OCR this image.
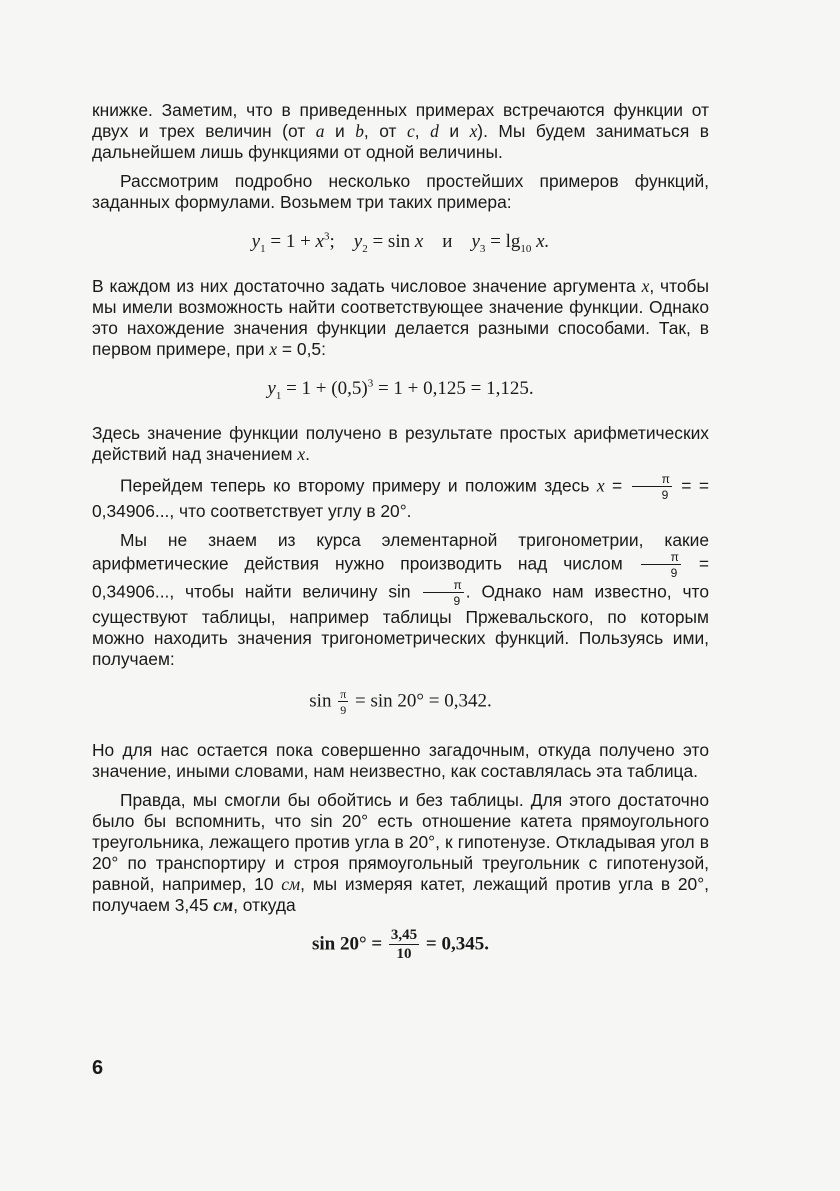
книжке. Заметим, что в приведенных примерах встречаются функции от двух и трех величин (от a и b, от c, d и x). Мы будем заниматься в дальнейшем лишь функциями от одной величины.

Рассмотрим подробно несколько простейших примеров функций, заданных формулами. Возьмем три таких примера:

$y_1 = 1 + x^3$; $y_2 = \sin x$ и $y_3 = \lg_{10} x$.

В каждом из них достаточно задать числовое значение аргумента x, чтобы мы имели возможность найти соответствующее значение функции. Однако это нахождение значения функции делается разными способами. Так, в первом примере, при x = 0,5:

$y_1 = 1 + (0,5)^3 = 1 + 0,125 = 1,125$.

Здесь значение функции получено в результате простых арифметических действий над значением x.

Перейдем теперь ко второму примеру и положим здесь $x = \frac{\pi}{9}$ = = 0,34906..., что соответствует углу в 20°.

Мы не знаем из курса элементарной тригонометрии, какие арифметические действия нужно производить над числом $\frac{\pi}{9} = 0,34906$..., чтобы найти величину $\sin \frac{\pi}{9}$ . Однако нам известно, что существуют таблицы, например таблицы Пржевальского, по которым можно находить значения тригонометрических функций. Пользуясь ими, получаем:

$\sin \frac{\pi}{9} = \sin 20^\circ = 0,342$.

Но для нас остается пока совершенно загадочным, откуда получено это значение, иными словами, нам неизвестно, как составлялась эта таблица.

Правда, мы смогли бы обойтись и без таблицы. Для этого достаточно было бы вспомнить, что sin 20° есть отношение катета прямоугольного треугольника, лежащего против угла в 20°, к гипотенузе. Откладывая угол в 20° по транспортиру и строя прямоугольный треугольник с гипотенузой, равной, например, 10 см, мы измеряя катет, лежащий против угла в 20°, получаем 3,45 см, откуда

$\sin 20^\circ = \frac{3,45}{10} = 0,345$.
6
